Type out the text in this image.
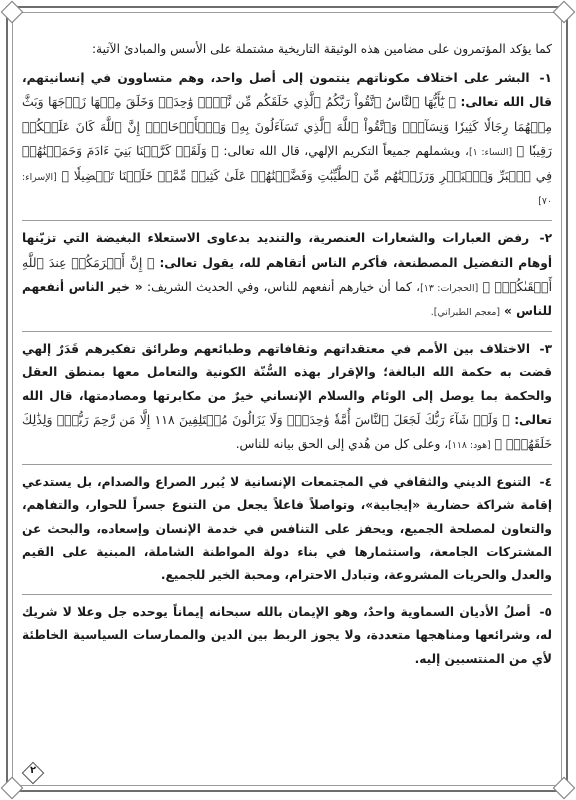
كما يؤكد المؤتمرون على مضامين هذه الوثيقة التاريخية مشتملة على الأسس والمبادئ الآتية:

١- البشر على اختلاف مكوناتهم ينتمون إلى أصل واحد، وهم متساوون في إنسانيتهم، قال الله تعالى: ﴿ يَٰٓأَيُّهَا ٱلنَّاسُ ٱتَّقُواْ رَبَّكُمُ ٱلَّذِي خَلَقَكُم مِّن نَّفۡسٖ وَٰحِدَةٖ وَخَلَقَ مِنۡهَا زَوۡجَهَا وَبَثَّ مِنۡهُمَا رِجَالٗا كَثِيرٗا وَنِسَآءٗۚ وَٱتَّقُواْ ٱللَّهَ ٱلَّذِي تَسَآءَلُونَ بِهِۦ وَٱلۡأَرۡحَامَۚ إِنَّ ٱللَّهَ كَانَ عَلَيۡكُمۡ رَقِيبٗا ﴾ [النساء: ١]، ويشملهم جميعاً التكريم الإلهي، قال الله تعالى: ﴿ وَلَقَدۡ كَرَّمۡنَا بَنِيٓ ءَادَمَ وَحَمَلۡنَٰهُمۡ فِي ٱلۡبَرِّ وَٱلۡبَحۡرِ وَرَزَقۡنَٰهُم مِّنَ ٱلطَّيِّبَٰتِ وَفَضَّلۡنَٰهُمۡ عَلَىٰ كَثِيرٖ مِّمَّنۡ خَلَقۡنَا تَفۡضِيلٗا ﴾ [الإسراء: ٧٠]
٢- رفض العبارات والشعارات العنصرية، والتنديد بدعاوى الاستعلاء البغيضة التي تزيّنها أوهام التفضيل المصطنعة، فأكرم الناس أتقاهم لله، يقول تعالى: ﴿ إِنَّ أَكۡرَمَكُمۡ عِندَ ٱللَّهِ أَتۡقَىٰكُمۡۚ ﴾ [الحجرات: ١٣]، كما أن خيارهم أنفعهم للناس، وفي الحديث الشريف: « خير الناس أنفعهم للناس » [معجم الطبراني].
٣- الاختلاف بين الأمم في معتقداتهم وثقافاتهم وطبائعهم وطرائق تفكيرهم قَدَرٌ إلهي قضت به حكمة الله البالغة؛ والإقرار بهذه السُّنّة الكونية والتعامل معها بمنطق العقل والحكمة بما يوصل إلى الوئام والسلام الإنساني خيرٌ من مكابرتها ومصادمتها، قال الله تعالى: ﴿ وَلَوۡ شَآءَ رَبُّكَ لَجَعَلَ ٱلنَّاسَ أُمَّةٗ وَٰحِدَةٗۖ وَلَا يَزَالُونَ مُخۡتَلِفِينَ ١١٨ إِلَّا مَن رَّحِمَ رَبُّكَۚ وَلِذَٰلِكَ خَلَقَهُمۡۗ ﴾ [هود: ١١٨]، وعلى كل من هُدي إلى الحق بيانه للناس.
٤- التنوع الديني والثقافي في المجتمعات الإنسانية لا يُبرر الصراع والصدام، بل يستدعي إقامة شراكة حضارية «إيجابية»، وتواصلاً فاعلاً يجعل من التنوع جسراً للحوار، والتفاهم، والتعاون لمصلحة الجميع، ويحفز على التنافس في خدمة الإنسان وإسعاده، والبحث عن المشتركات الجامعة، واستثمارها في بناء دولة المواطنة الشاملة، المبنية على القيم والعدل والحريات المشروعة، وتبادل الاحترام، ومحبة الخير للجميع.
٥- أصلُ الأديان السماوية واحدٌ، وهو الإيمان بالله سبحانه إيماناً يوحده جل وعلا لا شريك له، وشرائعها ومناهجها متعددة، ولا يجوز الربط بين الدين والممارسات السياسية الخاطئة لأي من المنتسبين إليه.
٢
